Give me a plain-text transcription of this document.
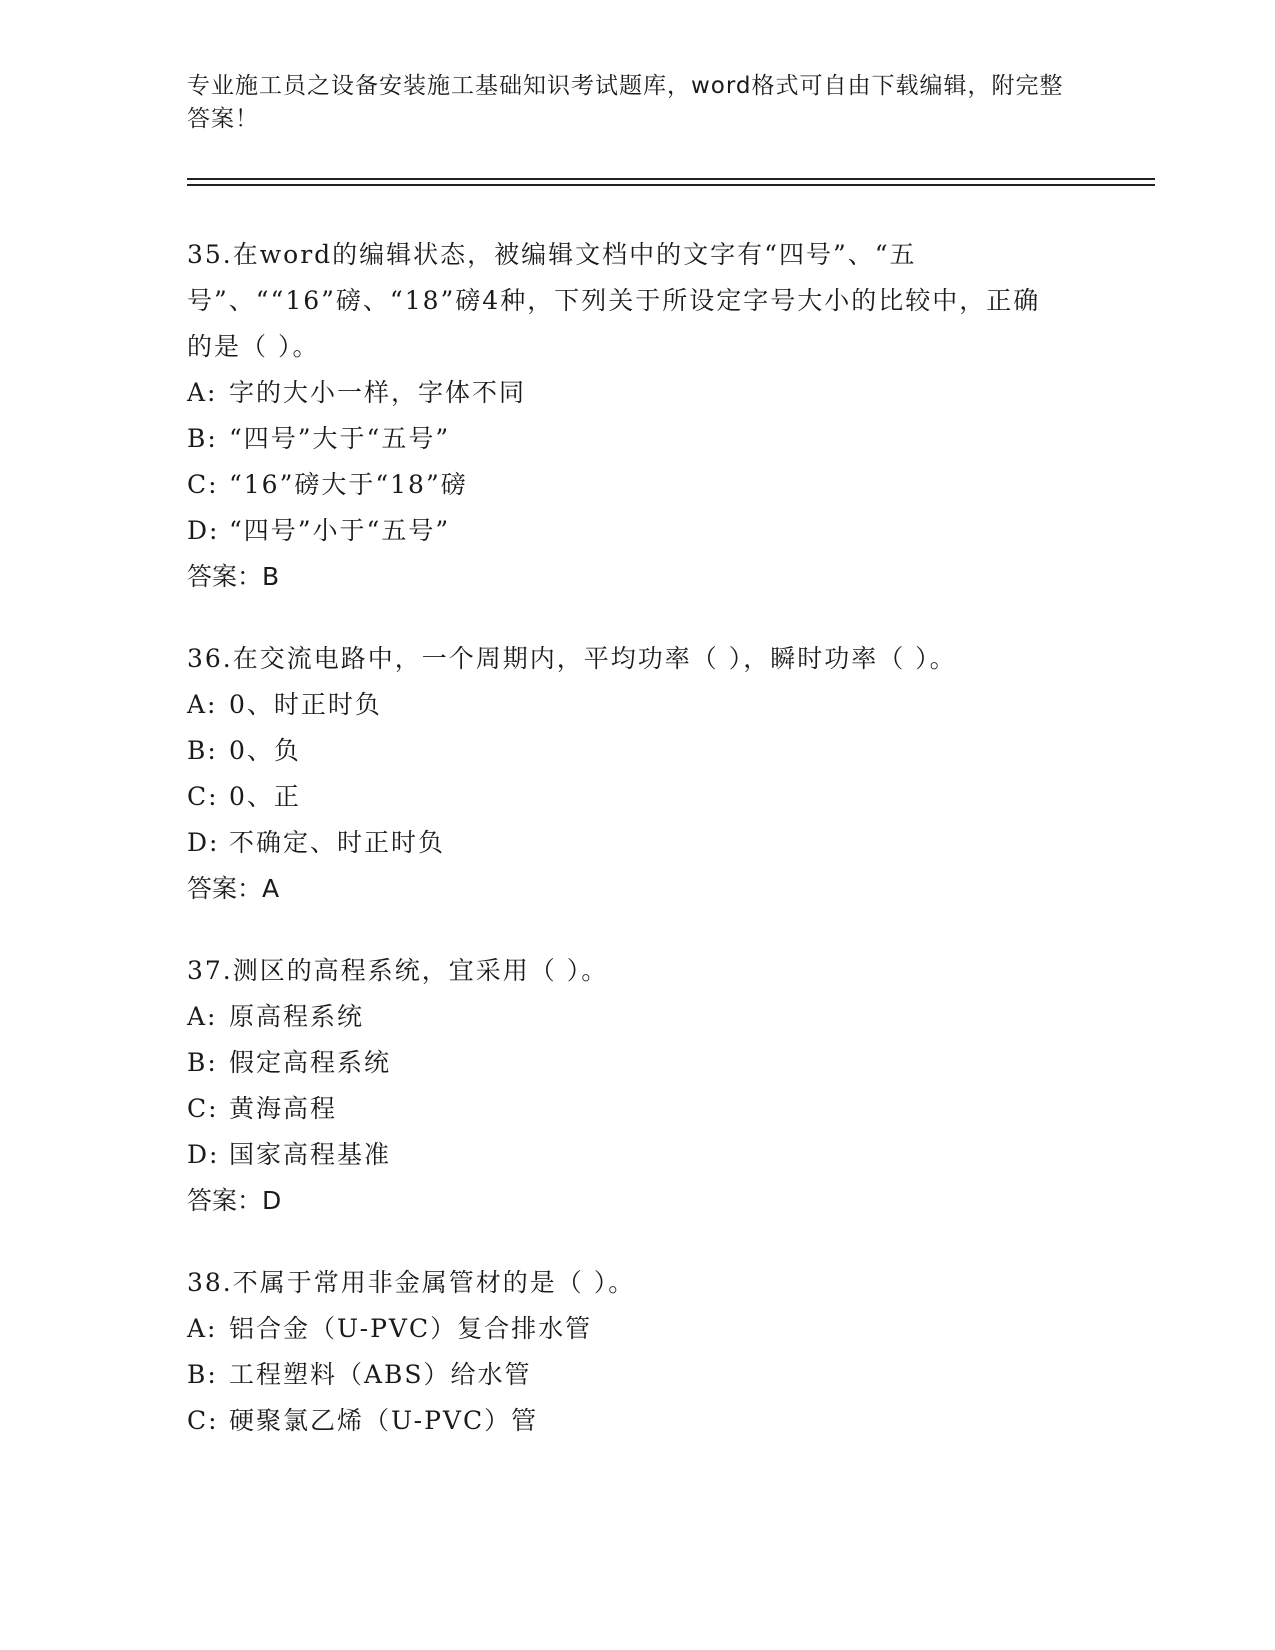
专业施工员之设备安装施工基础知识考试题库，word格式可自由下载编辑，附完整答案！

35.在word的编辑状态，被编辑文档中的文字有“四号”、“五号”、““16”磅、“18”磅4种，下列关于所设定字号大小的比较中，正确的是（ ）。

A: 字的大小一样，字体不同

B: “四号”大于“五号”

C: “16”磅大于“18”磅

D: “四号”小于“五号”

答案：B

36.在交流电路中，一个周期内，平均功率（ ），瞬时功率（ ）。

A: 0、时正时负

B: 0、负

C: 0、正

D: 不确定、时正时负

答案：A

37.测区的高程系统，宜采用（ ）。

A: 原高程系统

B: 假定高程系统

C: 黄海高程

D: 国家高程基准

答案：D

38.不属于常用非金属管材的是（ ）。

A: 铝合金（U-PVC）复合排水管

B: 工程塑料（ABS）给水管

C: 硬聚氯乙烯（U-PVC）管
